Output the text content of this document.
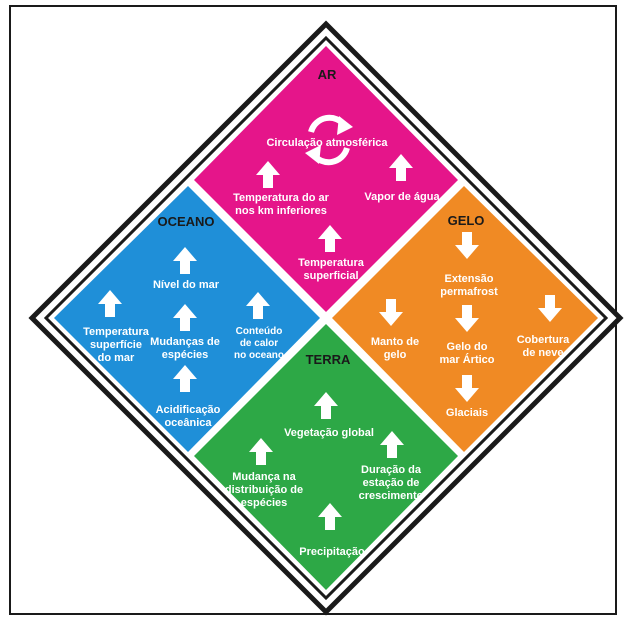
AR
GELO
OCEANO
TERRA
Circulação atmosférica
Temperatura do ar
nos km inferiores
Vapor de água
Temperatura
superficial	Extensão
permafrost
Manto de
gelo
Gelo do
mar Ártico
Cobertura
de neve
Glaciais
Nível do mar
Temperatura
superfície
do mar
Mudanças de
espécies
Conteúdo
de calor
no oceano
Acidificação
oceânica
Vegetação global
Mudança na
distribuição de
espécies
Duração da
estação de
crescimento
Precipitação
